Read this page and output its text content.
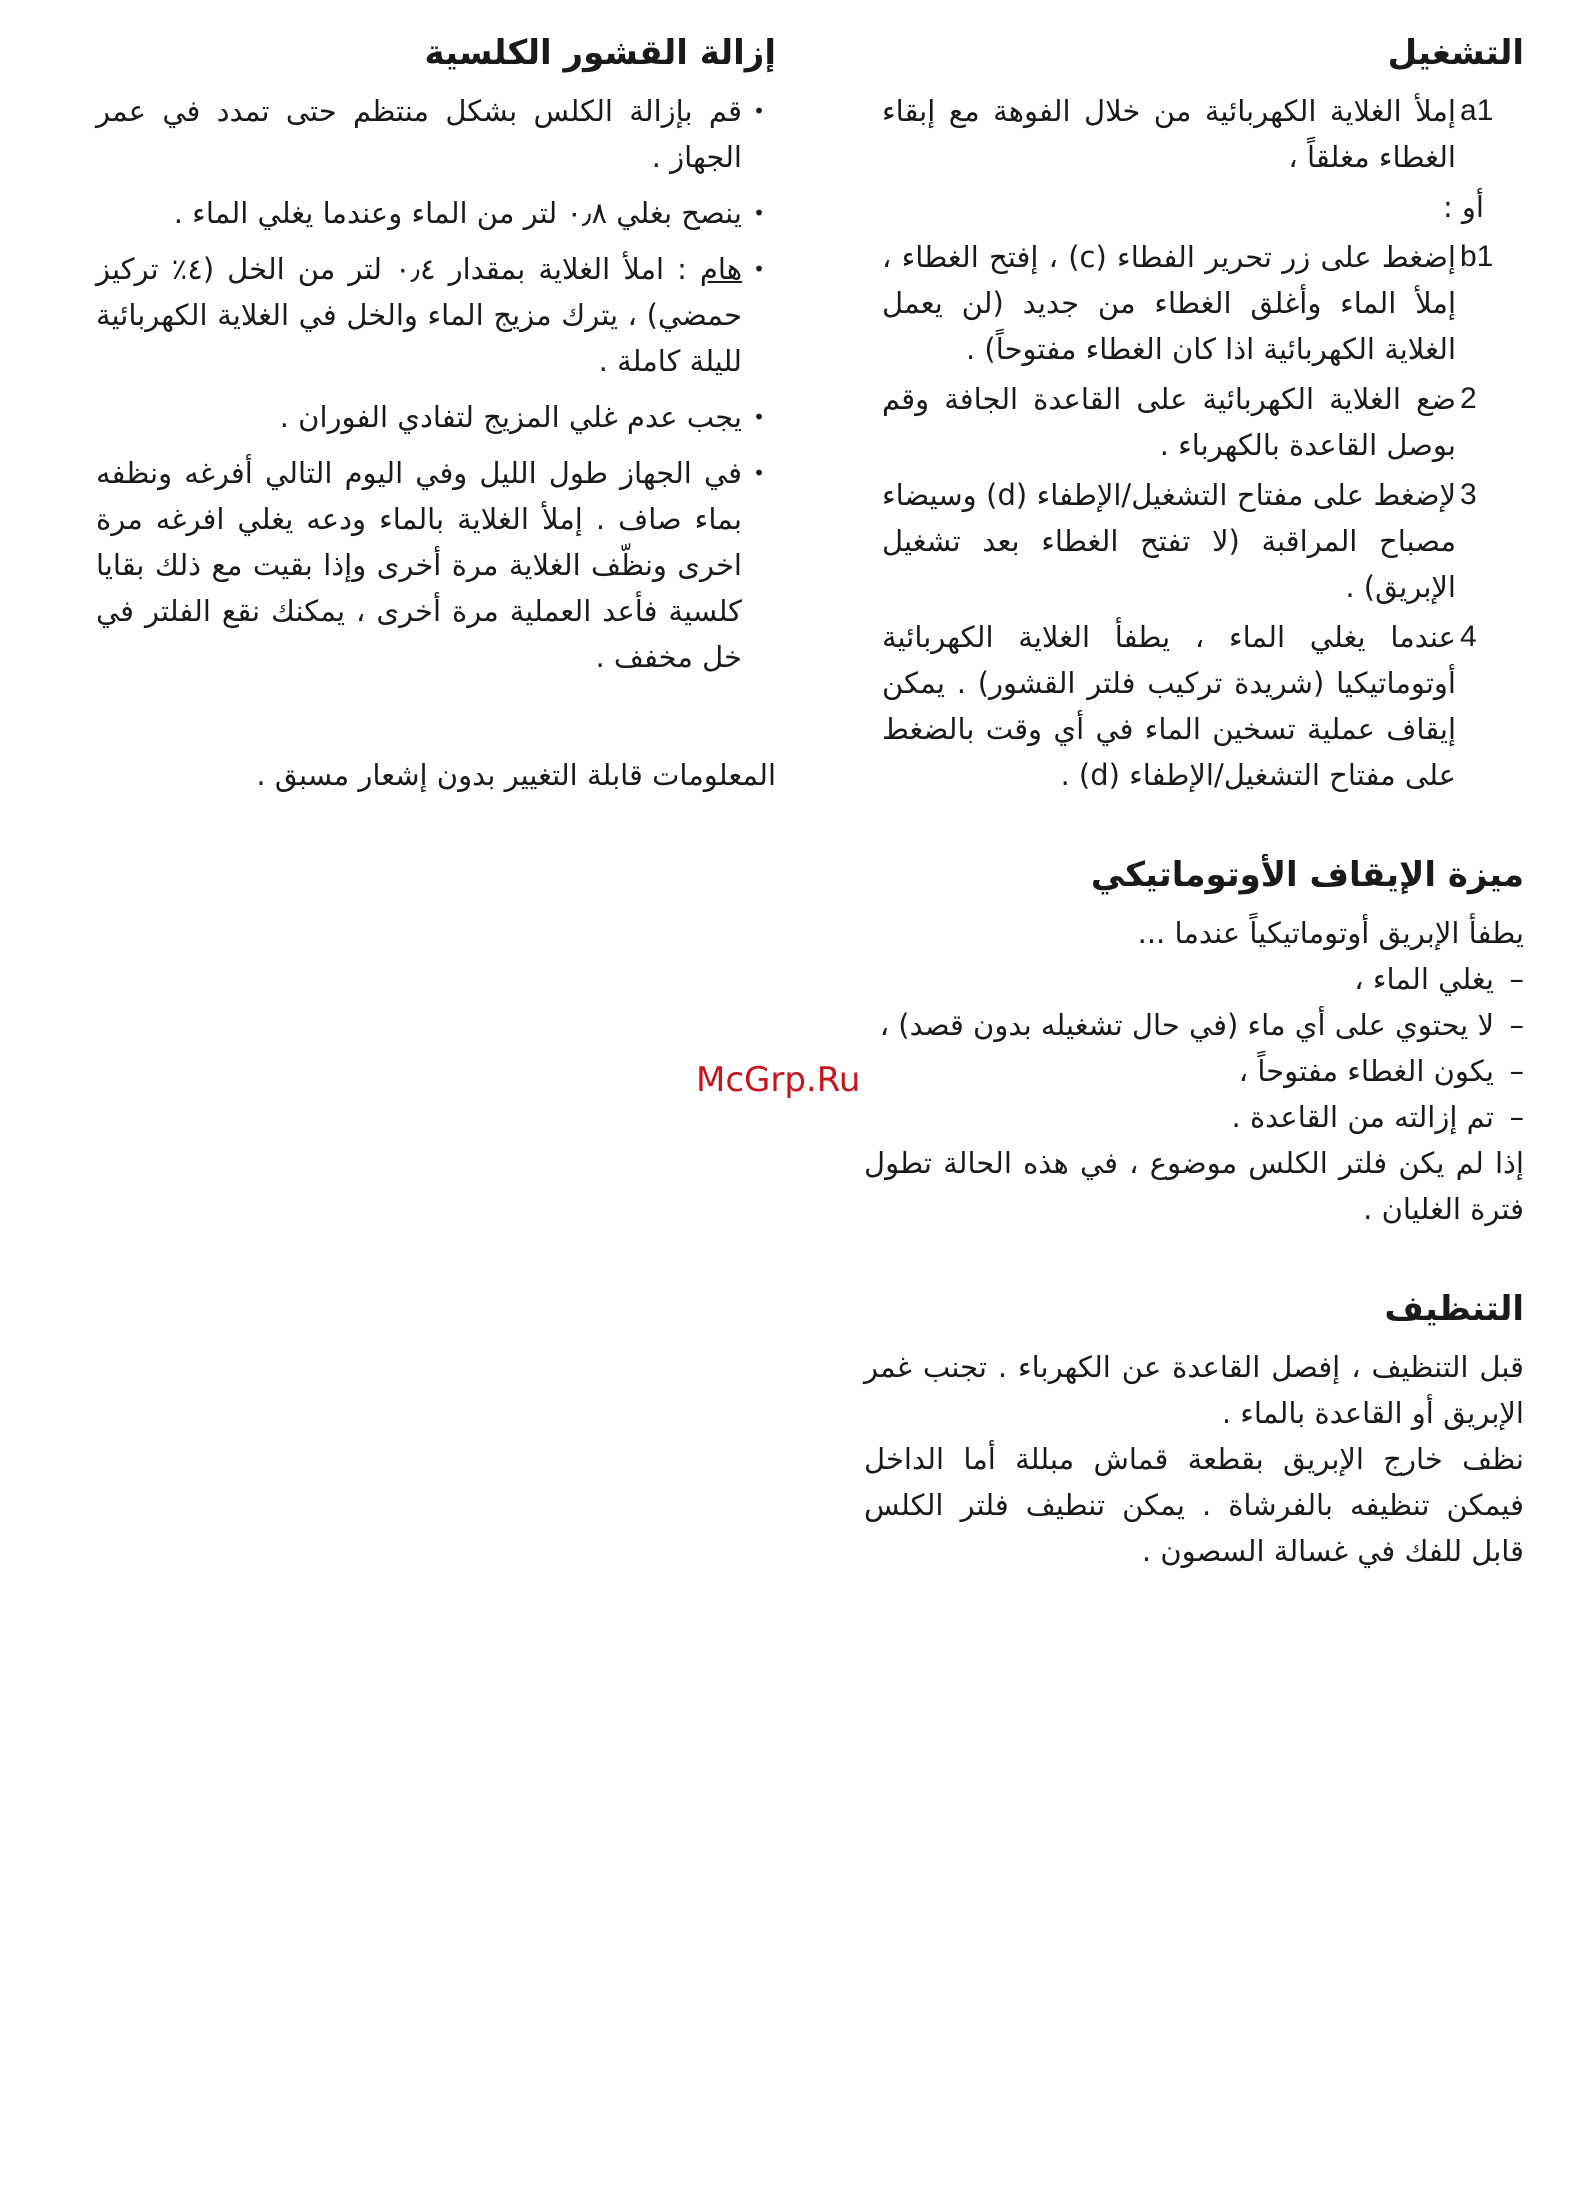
التشغيل
a1
إملأ الغلاية الكهربائية من خلال الفوهة مع إبقاء الغطاء مغلقاً ،
أو :
b1
إضغط على زر تحرير الفطاء (c) ، إفتح الغطاء ، إملأ الماء وأغلق الغطاء من جديد (لن يعمل الغلاية الكهربائية اذا كان الغطاء مفتوحاً) .
2
ضع الغلاية الكهربائية على القاعدة الجافة وقم بوصل القاعدة بالكهرباء .
3
لإضغط على مفتاح التشغيل/الإطفاء (d) وسيضاء مصباح المراقبة (لا تفتح الغطاء بعد تشغيل الإبريق) .
4
عندما يغلي الماء ، يطفأ الغلاية الكهربائية أوتوماتيكيا (شريدة تركيب فلتر القشور) . يمكن إيقاف عملية تسخين الماء في أي وقت بالضغط على مفتاح التشغيل/الإطفاء (d) .
ميزة الإيقاف الأوتوماتيكي

يطفأ الإبريق أوتوماتيكياً عندما ...

–
يغلي الماء ،
–
لا يحتوي على أي ماء (في حال تشغيله بدون قصد) ،
–
يكون الغطاء مفتوحاً ،
–
تم إزالته من القاعدة .

إذا لم يكن فلتر الكلس موضوع ، في هذه الحالة تطول فترة الغليان .

التنظيف

قبل التنظيف ، إفصل القاعدة عن الكهرباء . تجنب غمر الإبريق أو القاعدة بالماء .

نظف خارج الإبريق بقطعة قماش مبللة أما الداخل فيمكن تنظيفه بالفرشاة . يمكن تنطيف فلتر الكلس قابل للفك في غسالة السصون .

إزالة القشور الكلسية
•
قم بإزالة الكلس بشكل منتظم حتى تمدد في عمر الجهاز .
•
ينصح بغلي ٠٫٨ لتر من الماء وعندما يغلي الماء .
•
هام : املأ الغلاية بمقدار ٠٫٤ لتر من الخل (٤٪ تركيز حمضي) ، يترك مزيج الماء والخل في الغلاية الكهربائية لليلة كاملة .
•
يجب عدم غلي المزيج لتفادي الفوران .
•
في الجهاز طول الليل وفي اليوم التالي أفرغه ونظفه بماء صاف . إملأ الغلاية بالماء ودعه يغلي افرغه مرة اخرى ونظّف الغلاية مرة أخرى وإذا بقيت مع ذلك بقايا كلسية فأعد العملية مرة أخرى ، يمكنك نقع الفلتر في خل مخفف .

المعلومات قابلة التغيير بدون إشعار مسبق .

McGrp.Ru
